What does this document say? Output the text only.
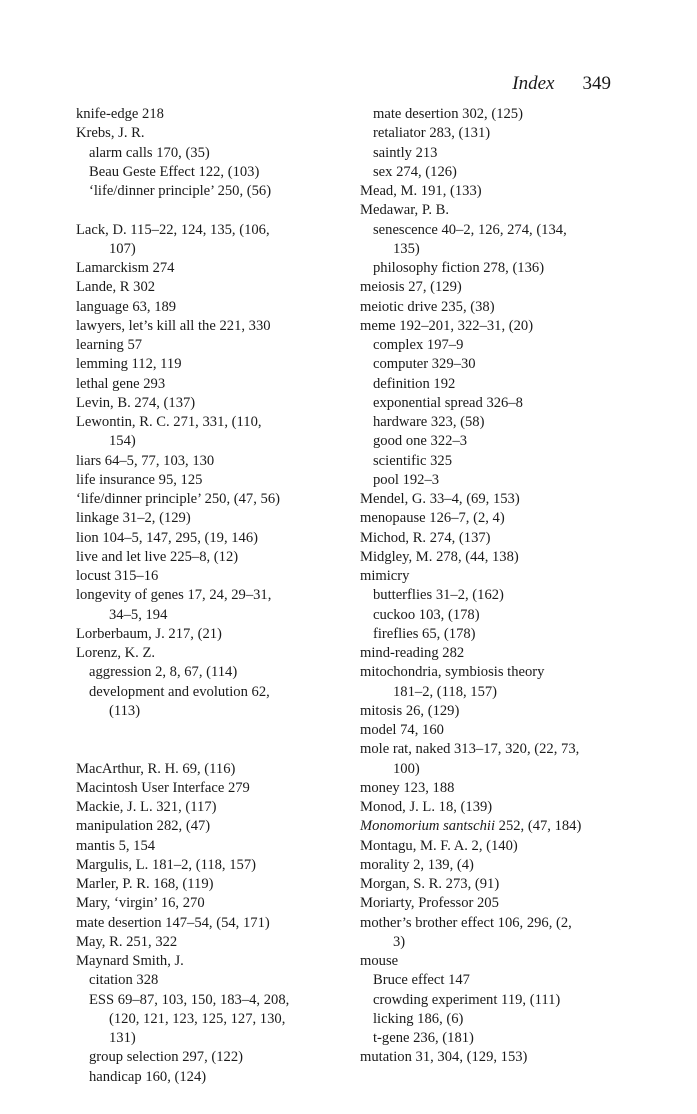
Index 349
knife-edge 218
Krebs, J. R.
alarm calls 170, (35)
Beau Geste Effect 122, (103)
‘life/dinner principle’ 250, (56)
Lack, D. 115–22, 124, 135, (106,
107)
Lamarckism 274
Lande, R 302
language 63, 189
lawyers, let’s kill all the 221, 330
learning 57
lemming 112, 119
lethal gene 293
Levin, B. 274, (137)
Lewontin, R. C. 271, 331, (110,
154)
liars 64–5, 77, 103, 130
life insurance 95, 125
‘life/dinner principle’ 250, (47, 56)
linkage 31–2, (129)
lion 104–5, 147, 295, (19, 146)
live and let live 225–8, (12)
locust 315–16
longevity of genes 17, 24, 29–31,
34–5, 194
Lorberbaum, J. 217, (21)
Lorenz, K. Z.
aggression 2, 8, 67, (114)
development and evolution 62,
(113)
MacArthur, R. H. 69, (116)
Macintosh User Interface 279
Mackie, J. L. 321, (117)
manipulation 282, (47)
mantis 5, 154
Margulis, L. 181–2, (118, 157)
Marler, P. R. 168, (119)
Mary, ‘virgin’ 16, 270
mate desertion 147–54, (54, 171)
May, R. 251, 322
Maynard Smith, J.
citation 328
ESS 69–87, 103, 150, 183–4, 208,
(120, 121, 123, 125, 127, 130,
131)
group selection 297, (122)
handicap 160, (124)
mate desertion 302, (125)
retaliator 283, (131)
saintly 213
sex 274, (126)
Mead, M. 191, (133)
Medawar, P. B.
senescence 40–2, 126, 274, (134,
135)
philosophy fiction 278, (136)
meiosis 27, (129)
meiotic drive 235, (38)
meme 192–201, 322–31, (20)
complex 197–9
computer 329–30
definition 192
exponential spread 326–8
hardware 323, (58)
good one 322–3
scientific 325
pool 192–3
Mendel, G. 33–4, (69, 153)
menopause 126–7, (2, 4)
Michod, R. 274, (137)
Midgley, M. 278, (44, 138)
mimicry
butterflies 31–2, (162)
cuckoo 103, (178)
fireflies 65, (178)
mind-reading 282
mitochondria, symbiosis theory
181–2, (118, 157)
mitosis 26, (129)
model 74, 160
mole rat, naked 313–17, 320, (22, 73,
100)
money 123, 188
Monod, J. L. 18, (139)
Monomorium santschii 252, (47, 184)
Montagu, M. F. A. 2, (140)
morality 2, 139, (4)
Morgan, S. R. 273, (91)
Moriarty, Professor 205
mother’s brother effect 106, 296, (2,
3)
mouse
Bruce effect 147
crowding experiment 119, (111)
licking 186, (6)
t-gene 236, (181)
mutation 31, 304, (129, 153)
